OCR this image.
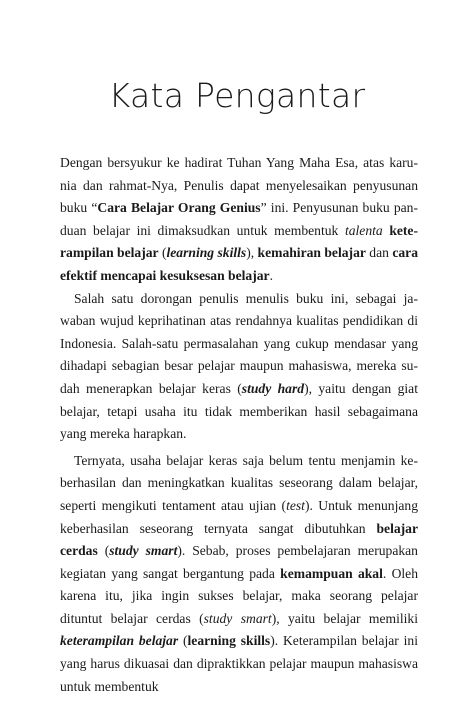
Kata Pengantar

Dengan bersyukur ke hadirat Tuhan Yang Maha Esa, atas karu-nia dan rahmat-Nya, Penulis dapat menyelesaikan penyusunan buku “Cara Belajar Orang Genius” ini. Penyusunan buku pan-duan belajar ini dimaksudkan untuk membentuk talenta kete-rampilan belajar (learning skills), kemahiran belajar dan cara efektif mencapai kesuksesan belajar.

Salah satu dorongan penulis menulis buku ini, sebagai ja-waban wujud keprihatinan atas rendahnya kualitas pendidikan di Indonesia. Salah-satu permasalahan yang cukup mendasar yang dihadapi sebagian besar pelajar maupun mahasiswa, mereka su-dah menerapkan belajar keras (study hard), yaitu dengan giat belajar, tetapi usaha itu tidak memberikan hasil sebagaimana yang mereka harapkan.

Ternyata, usaha belajar keras saja belum tentu menjamin ke-berhasilan dan meningkatkan kualitas seseorang dalam belajar, seperti mengikuti tentament atau ujian (test). Untuk menunjang keberhasilan seseorang ternyata sangat dibutuhkan belajar cerdas (study smart). Sebab, proses pembelajaran merupakan kegiatan yang sangat bergantung pada kemampuan akal. Oleh karena itu, jika ingin sukses belajar, maka seorang pelajar dituntut belajar cerdas (study smart), yaitu belajar memiliki keterampilan belajar (learning skills). Keterampilan belajar ini yang harus dikuasai dan dipraktikkan pelajar maupun mahasiswa untuk membentuk
